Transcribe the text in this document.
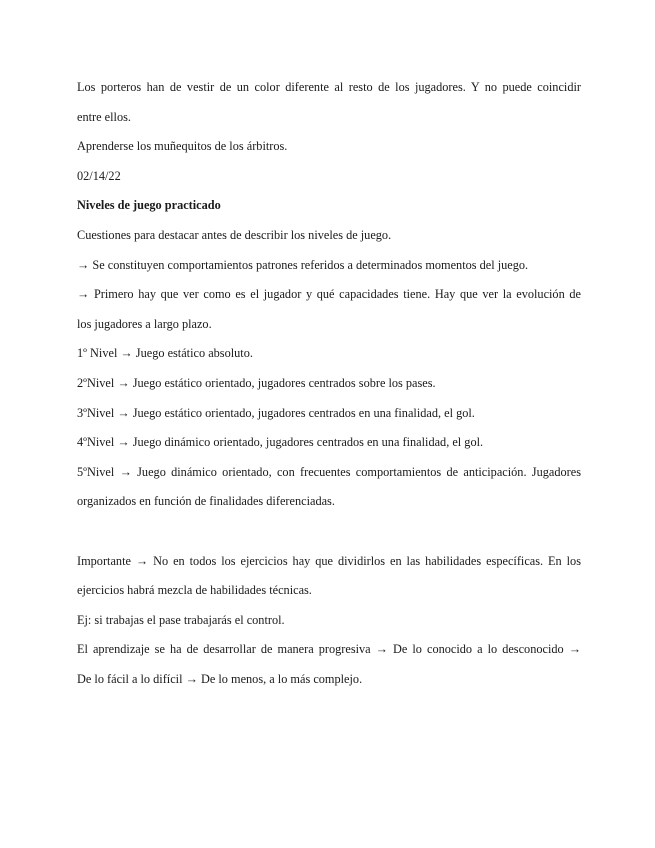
Los porteros han de vestir de un color diferente al resto de los jugadores. Y no puede coincidir
entre ellos.
Aprenderse los muñequitos de los árbitros.
02/14/22
Niveles de juego practicado
Cuestiones para destacar antes de describir los niveles de juego.
→ Se constituyen comportamientos patrones referidos a determinados momentos del juego.
→ Primero hay que ver como es el jugador y qué capacidades tiene. Hay que ver la evolución de
los jugadores a largo plazo.
1º Nivel → Juego estático absoluto.
2ºNivel → Juego estático orientado, jugadores centrados sobre los pases.
3ºNivel → Juego estático orientado, jugadores centrados en una finalidad, el gol.
4ºNivel → Juego dinámico orientado, jugadores centrados en una finalidad, el gol.
5ºNivel → Juego dinámico orientado, con frecuentes comportamientos de anticipación. Jugadores
organizados en función de finalidades diferenciadas.
Importante → No en todos los ejercicios hay que dividirlos en las habilidades específicas. En los
ejercicios habrá mezcla de habilidades técnicas.
Ej: si trabajas el pase trabajarás el control.
El aprendizaje se ha de desarrollar de manera progresiva → De lo conocido a lo desconocido →
De lo fácil a lo difícil → De lo menos, a lo más complejo.
